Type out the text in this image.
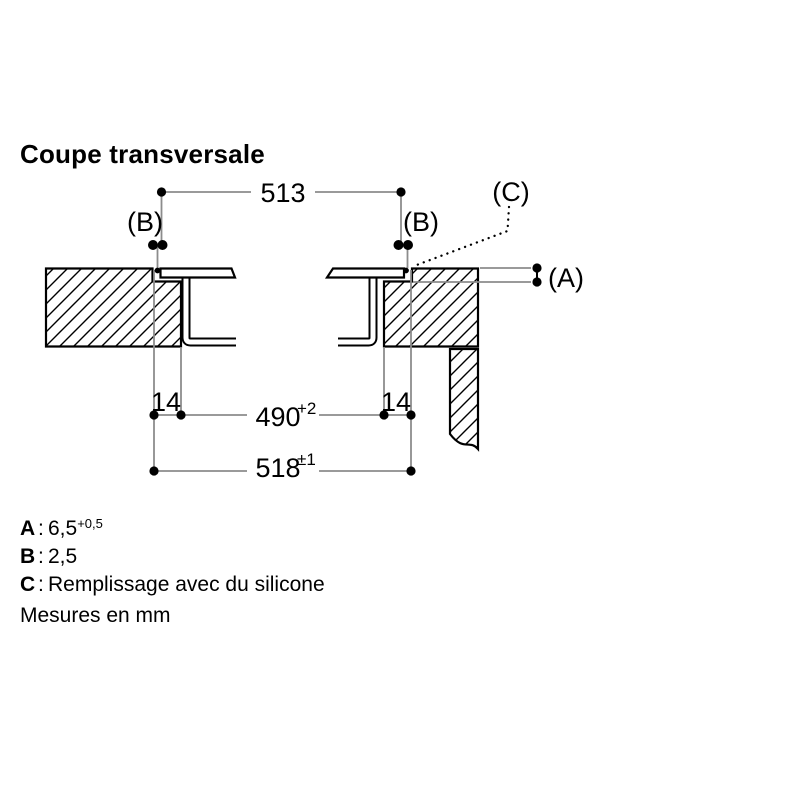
Coupe transversale
513
490
+2
518
±1
14	14
(B)	(B)
(C)
(A)
A : $6,5^{+0,5}$
B : 2,5
C : Remplissage avec du silicone
Mesures en mm
